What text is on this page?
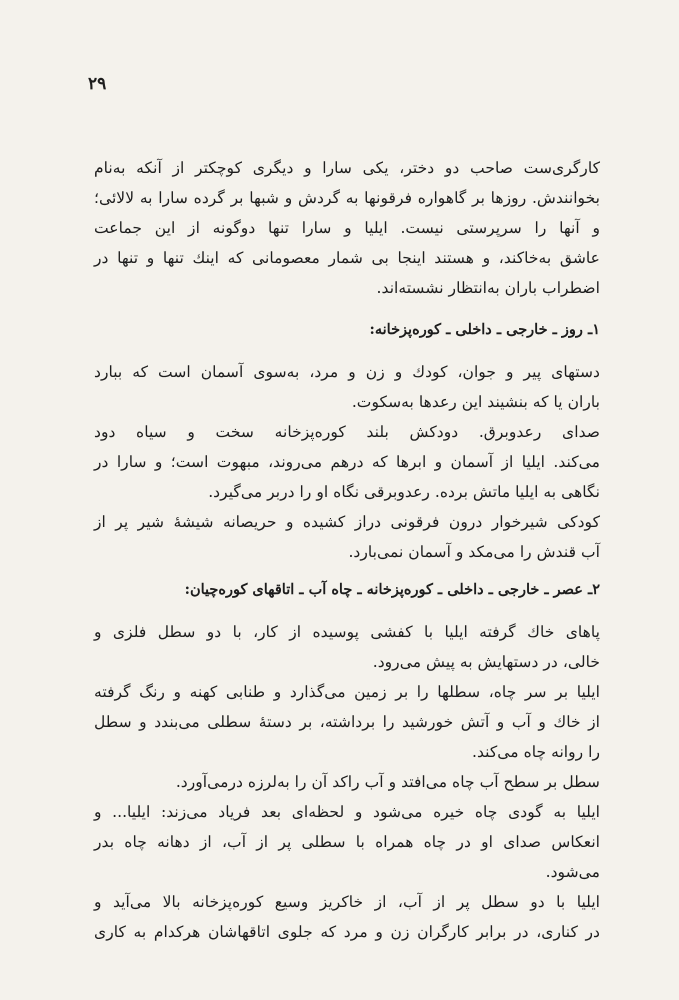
۲۹

کارگری‌ست صاحب دو دختر، یکی سارا و دیگری کوچکتر از آنکه به‌نام
بخوانندش. روزها بر گاهواره فرقونها به گردش و شبها بر گرده سارا به لالائی؛
و آنها را سرپرستی نیست. ایلیا و سارا تنها دوگونه از این جماعت
عاشق به‌خاکند، و هستند اینجا بی شمار معصومانی که اینك تنها و تنها در
اضطراب باران به‌انتظار نشسته‌اند.

۱ـ روز ـ خارجی ـ داخلی ـ کوره‌پزخانه:

دستهای پیر و جوان، کودك و زن و مرد، به‌سوی آسمان است که ببارد
باران یا که بنشیند این رعدها به‌سکوت.

صدای رعدوبرق. دودکش بلند کوره‌پزخانه سخت و سیاه دود
می‌کند. ایلیا از آسمان و ابرها که درهم می‌روند، مبهوت است؛ و سارا در
نگاهی به ایلیا ماتش برده. رعدوبرقی نگاه او را دربر می‌گیرد.

کودکی شیرخوار درون فرقونی دراز کشیده و حریصانه شیشهٔ شیر پر از
آب قندش را می‌مکد و آسمان نمی‌بارد.

۲ـ عصر ـ خارجی ـ داخلی ـ کوره‌پزخانه ـ چاه آب ـ اتاقهای کوره‌چیان:

پاهای خاك گرفته ایلیا با کفشی پوسیده از کار، با دو سطل فلزی و
خالی، در دستهایش به پیش می‌رود.

ایلیا بر سر چاه، سطلها را بر زمین می‌گذارد و طنابی کهنه و رنگ گرفته
از خاك و آب و آتش خورشید را برداشته، بر دستهٔ سطلی می‌بندد و سطل
را روانه چاه می‌کند.

سطل بر سطح آب چاه می‌افتد و آب راکد آن را به‌لرزه درمی‌آورد.

ایلیا به گودی چاه خیره می‌شود و لحظه‌ای بعد فریاد می‌زند: ایلیا... و
انعکاس صدای او در چاه همراه با سطلی پر از آب، از دهانه چاه بدر
می‌شود.

ایلیا با دو سطل پر از آب، از خاکریز وسیع کوره‌پزخانه بالا می‌آید و
در کناری، در برابر کارگران زن و مرد که جلوی اتاقهاشان هرکدام به کاری
